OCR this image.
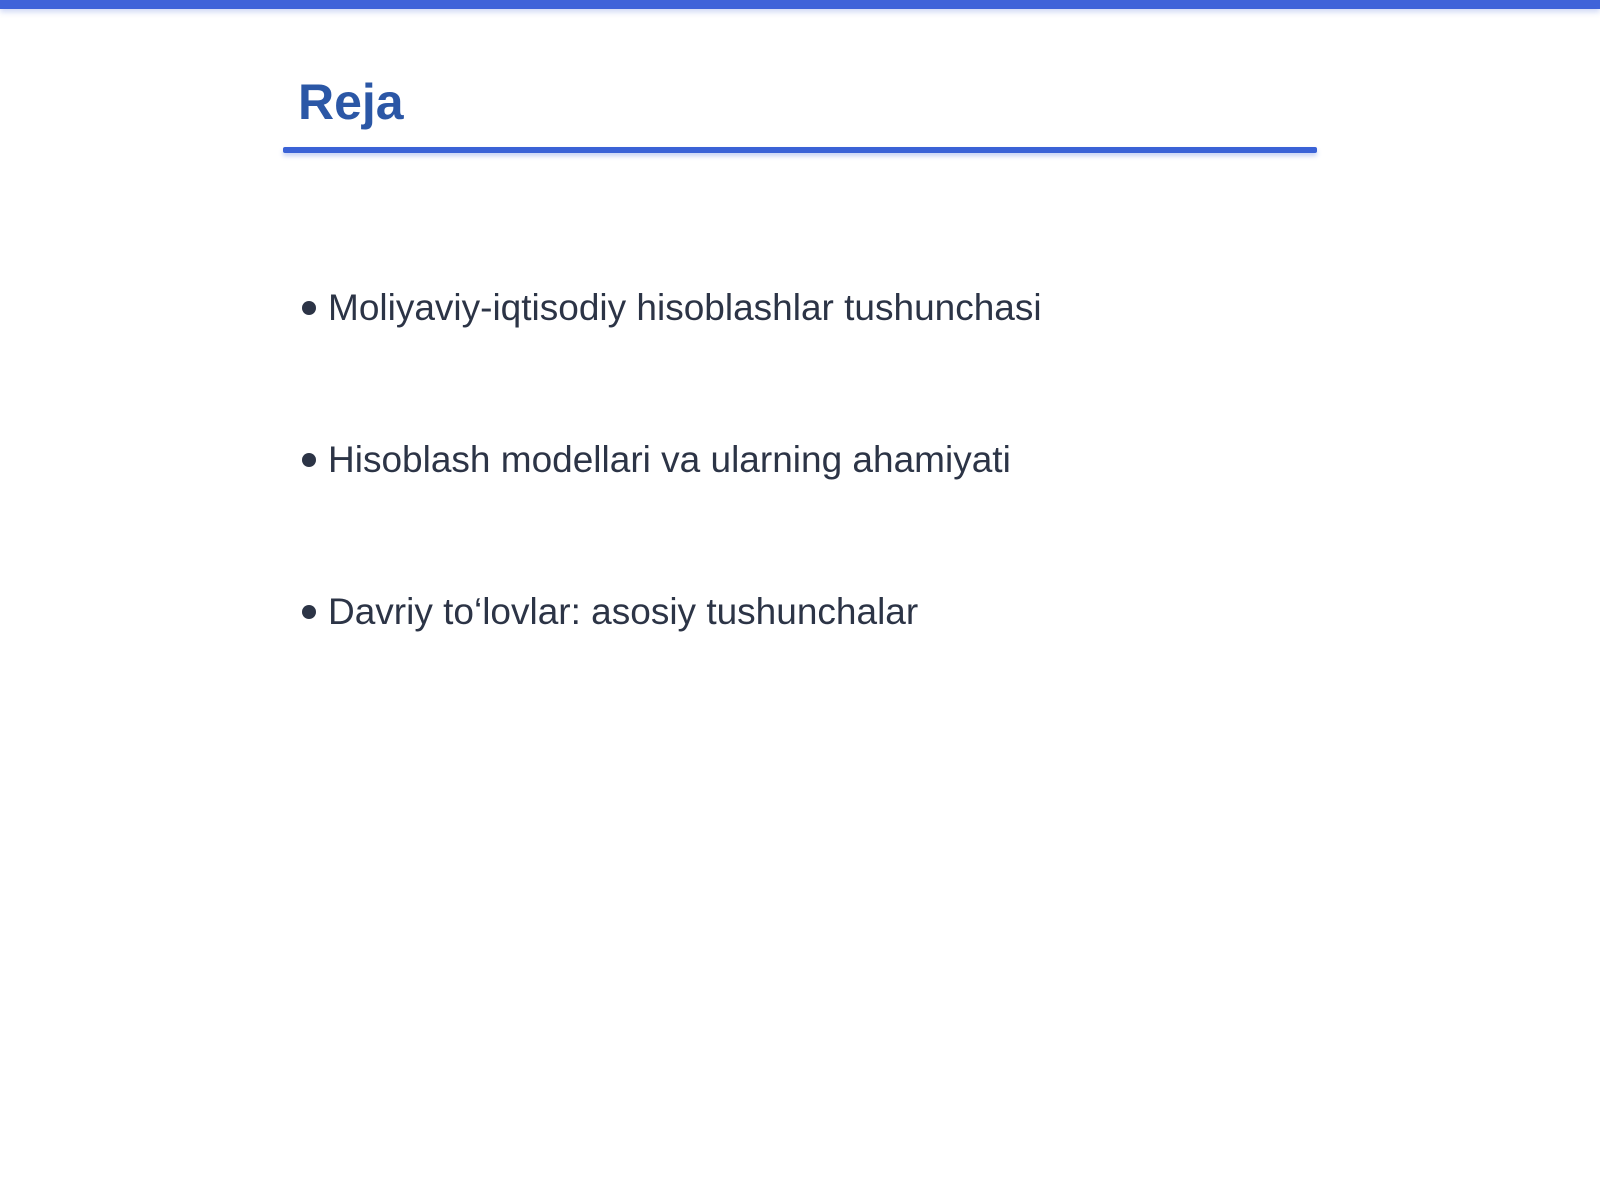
Reja
Moliyaviy-iqtisodiy hisoblashlar tushunchasi
Hisoblash modellari va ularning ahamiyati
Davriy to‘lovlar: asosiy tushunchalar
